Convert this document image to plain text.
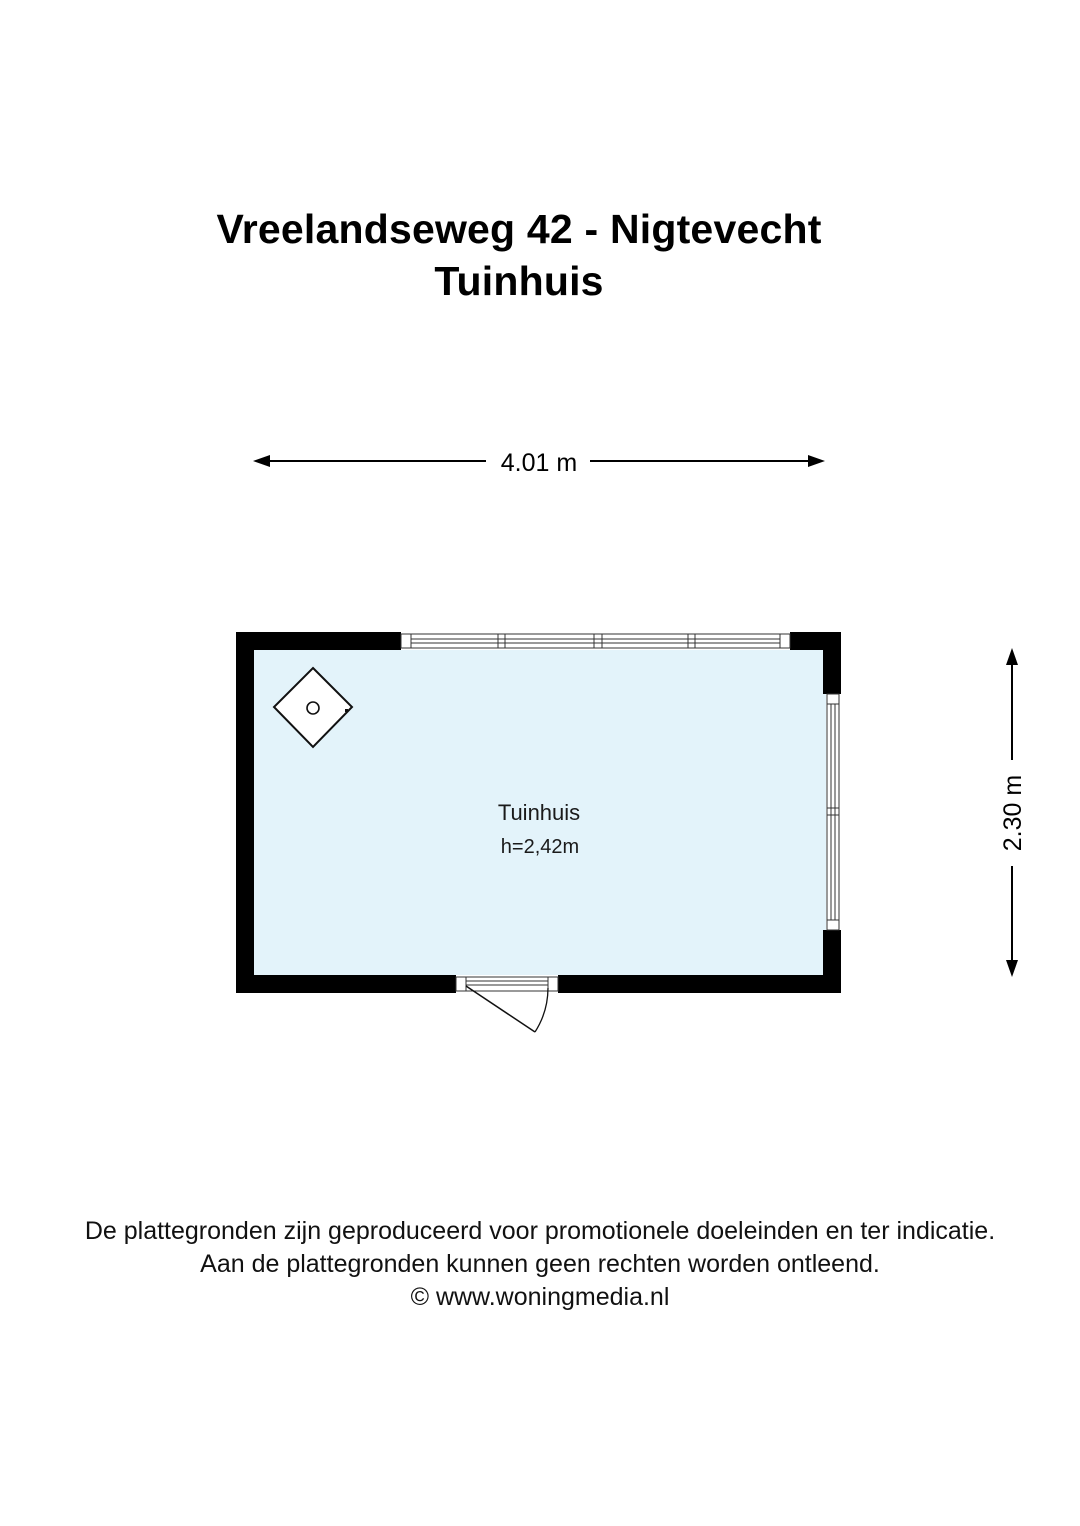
Vreelandseweg 42 - Nigtevecht
Tuinhuis
4.01 m
2.30 m
Tuinhuis
h=2,42m
De plattegronden zijn geproduceerd voor promotionele doeleinden en ter indicatie.
Aan de plattegronden kunnen geen rechten worden ontleend.
© www.woningmedia.nl
